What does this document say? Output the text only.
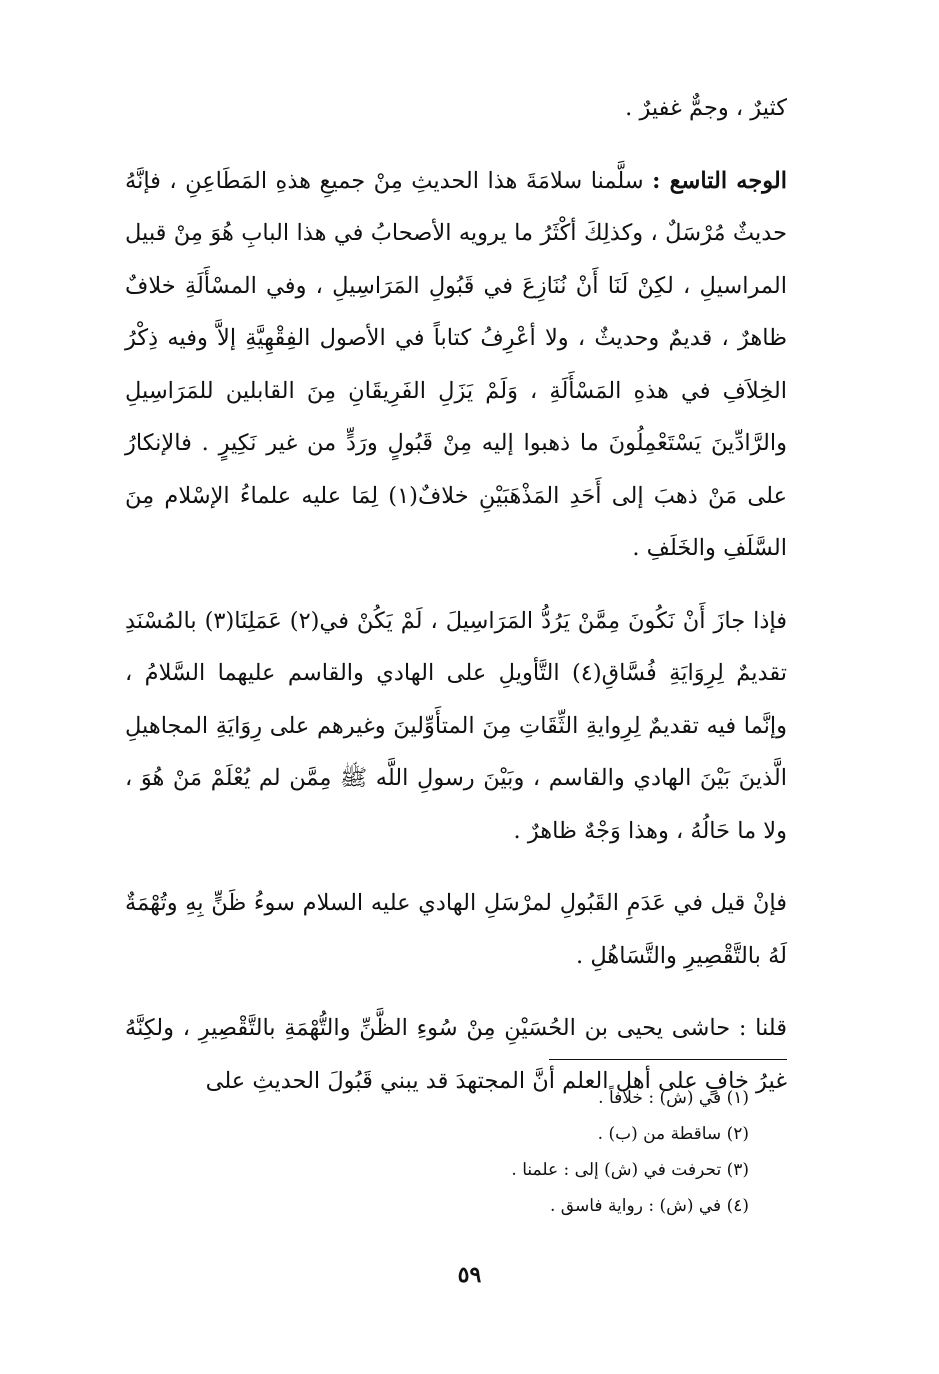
كثيرٌ ، وجمٌّ غفيرٌ .

الوجه التاسع : سلَّمنا سلامَةَ هذا الحديثِ مِنْ جميعِ هذهِ المَطَاعِنِ ، فإنَّهُ حديثٌ مُرْسَلٌ ، وكذلِكَ أكْثَرُ ما يرويه الأصحابُ في هذا البابِ هُوَ مِنْ قبيل المراسيلِ ، لكِنْ لَنَا أَنْ نُنَازِعَ في قَبُولِ المَرَاسِيلِ ، وفي المسْأَلَةِ خلافٌ ظاهرٌ ، قديمٌ وحديثٌ ، ولا أعْرِفُ كتاباً في الأصول الفِقْهِيَّةِ إلاَّ وفيه ذِكْرُ الخِلاَفِ في هذهِ المَسْأَلَةِ ، وَلَمْ يَزَلِ الفَرِيقَانِ مِنَ القابلين للمَرَاسِيلِ والرَّادِّينَ يَسْتَعْمِلُونَ ما ذهبوا إليه مِنْ قَبُولٍ ورَدٍّ من غير نَكِيرٍ . فالإنكارُ على مَنْ ذهبَ إلى أَحَدِ المَذْهَبَيْنِ خلافٌ(١) لِمَا عليه علماءُ الإسْلام مِنَ السَّلَفِ والخَلَفِ .

فإذا جازَ أَنْ نَكُونَ مِمَّنْ يَرُدُّ المَرَاسِيلَ ، لَمْ يَكُنْ في(٢) عَمَلِنَا(٣) بالمُسْنَدِ تقديمٌ لِرِوَايَةِ فُسَّاقِ(٤) التَّأويلِ على الهادي والقاسم عليهما السَّلامُ ، وإنَّما فيه تقديمٌ لِرِوايةِ الثِّقَاتِ مِنَ المتأَوِّلينَ وغيرهم على رِوَايَةِ المجاهيلِ الَّذينَ بَيْنَ الهادي والقاسم ، وبَيْنَ رسولِ اللَّه ﷺ مِمَّن لم يُعْلَمْ مَنْ هُوَ ، ولا ما حَالُهُ ، وهذا وَجْهٌ ظاهرٌ .

فإنْ قيل في عَدَمِ القَبُولِ لمرْسَلِ الهادي عليه السلام سوءُ ظَنٍّ بِهِ وتُهْمَةٌ لَهُ بالتَّقْصِيرِ والتَّسَاهُلِ .

قلنا : حاشى يحيى بن الحُسَيْنِ مِنْ سُوءِ الظَّنِّ والتُّهْمَةِ بالتَّقْصِيرِ ، ولكِنَّهُ غيرُ خافٍ على أهل العلم أنَّ المجتهدَ قد يبني قَبُولَ الحديثِ على

(١) في (ش) : خلافاً .

(٢) ساقطة من (ب) .

(٣) تحرفت في (ش) إلى : علمنا .

(٤) في (ش) : رواية فاسق .

٥٩
